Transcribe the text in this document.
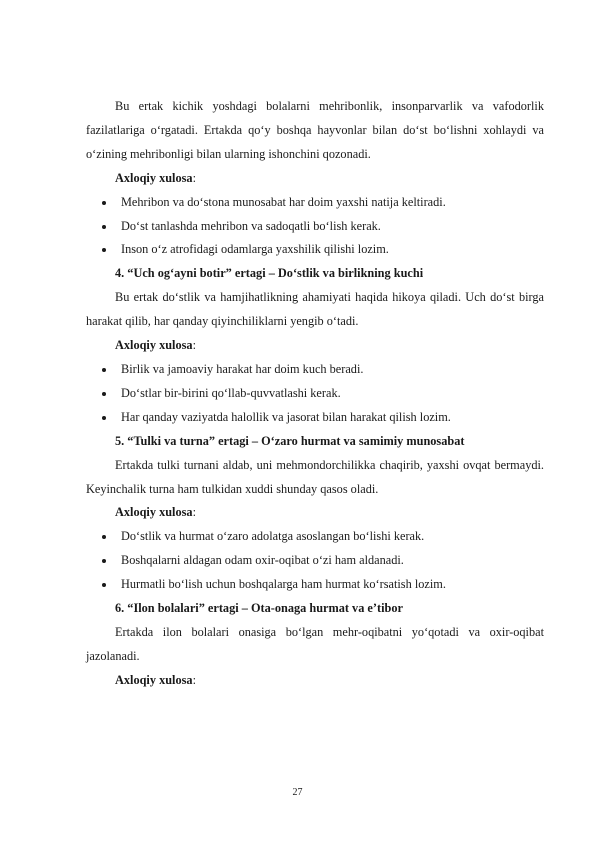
Bu ertak kichik yoshdagi bolalarni mehribonlik, insonparvarlik va vafodorlik fazilatlariga o‘rgatadi. Ertakda qo‘y boshqa hayvonlar bilan do‘st bo‘lishni xohlaydi va o‘zining mehribonligi bilan ularning ishonchini qozonadi.

Axloqiy xulosa:

Mehribon va do‘stona munosabat har doim yaxshi natija keltiradi.
Do‘st tanlashda mehribon va sadoqatli bo‘lish kerak.
Inson o‘z atrofidagi odamlarga yaxshilik qilishi lozim.

4. “Uch og‘ayni botir” ertagi – Do‘stlik va birlikning kuchi

Bu ertak do‘stlik va hamjihatlikning ahamiyati haqida hikoya qiladi. Uch do‘st birga harakat qilib, har qanday qiyinchiliklarni yengib o‘tadi.

Axloqiy xulosa:

Birlik va jamoaviy harakat har doim kuch beradi.
Do‘stlar bir-birini qo‘llab-quvvatlashi kerak.
Har qanday vaziyatda halollik va jasorat bilan harakat qilish lozim.

5. “Tulki va turna” ertagi – O‘zaro hurmat va samimiy munosabat

Ertakda tulki turnani aldab, uni mehmondorchilikka chaqirib, yaxshi ovqat bermaydi. Keyinchalik turna ham tulkidan xuddi shunday qasos oladi.

Axloqiy xulosa:

Do‘stlik va hurmat o‘zaro adolatga asoslangan bo‘lishi kerak.
Boshqalarni aldagan odam oxir-oqibat o‘zi ham aldanadi.
Hurmatli bo‘lish uchun boshqalarga ham hurmat ko‘rsatish lozim.

6. “Ilon bolalari” ertagi – Ota-onaga hurmat va e’tibor

Ertakda ilon bolalari onasiga bo‘lgan mehr-oqibatni yo‘qotadi va oxir-oqibat jazolanadi.

Axloqiy xulosa:

27
